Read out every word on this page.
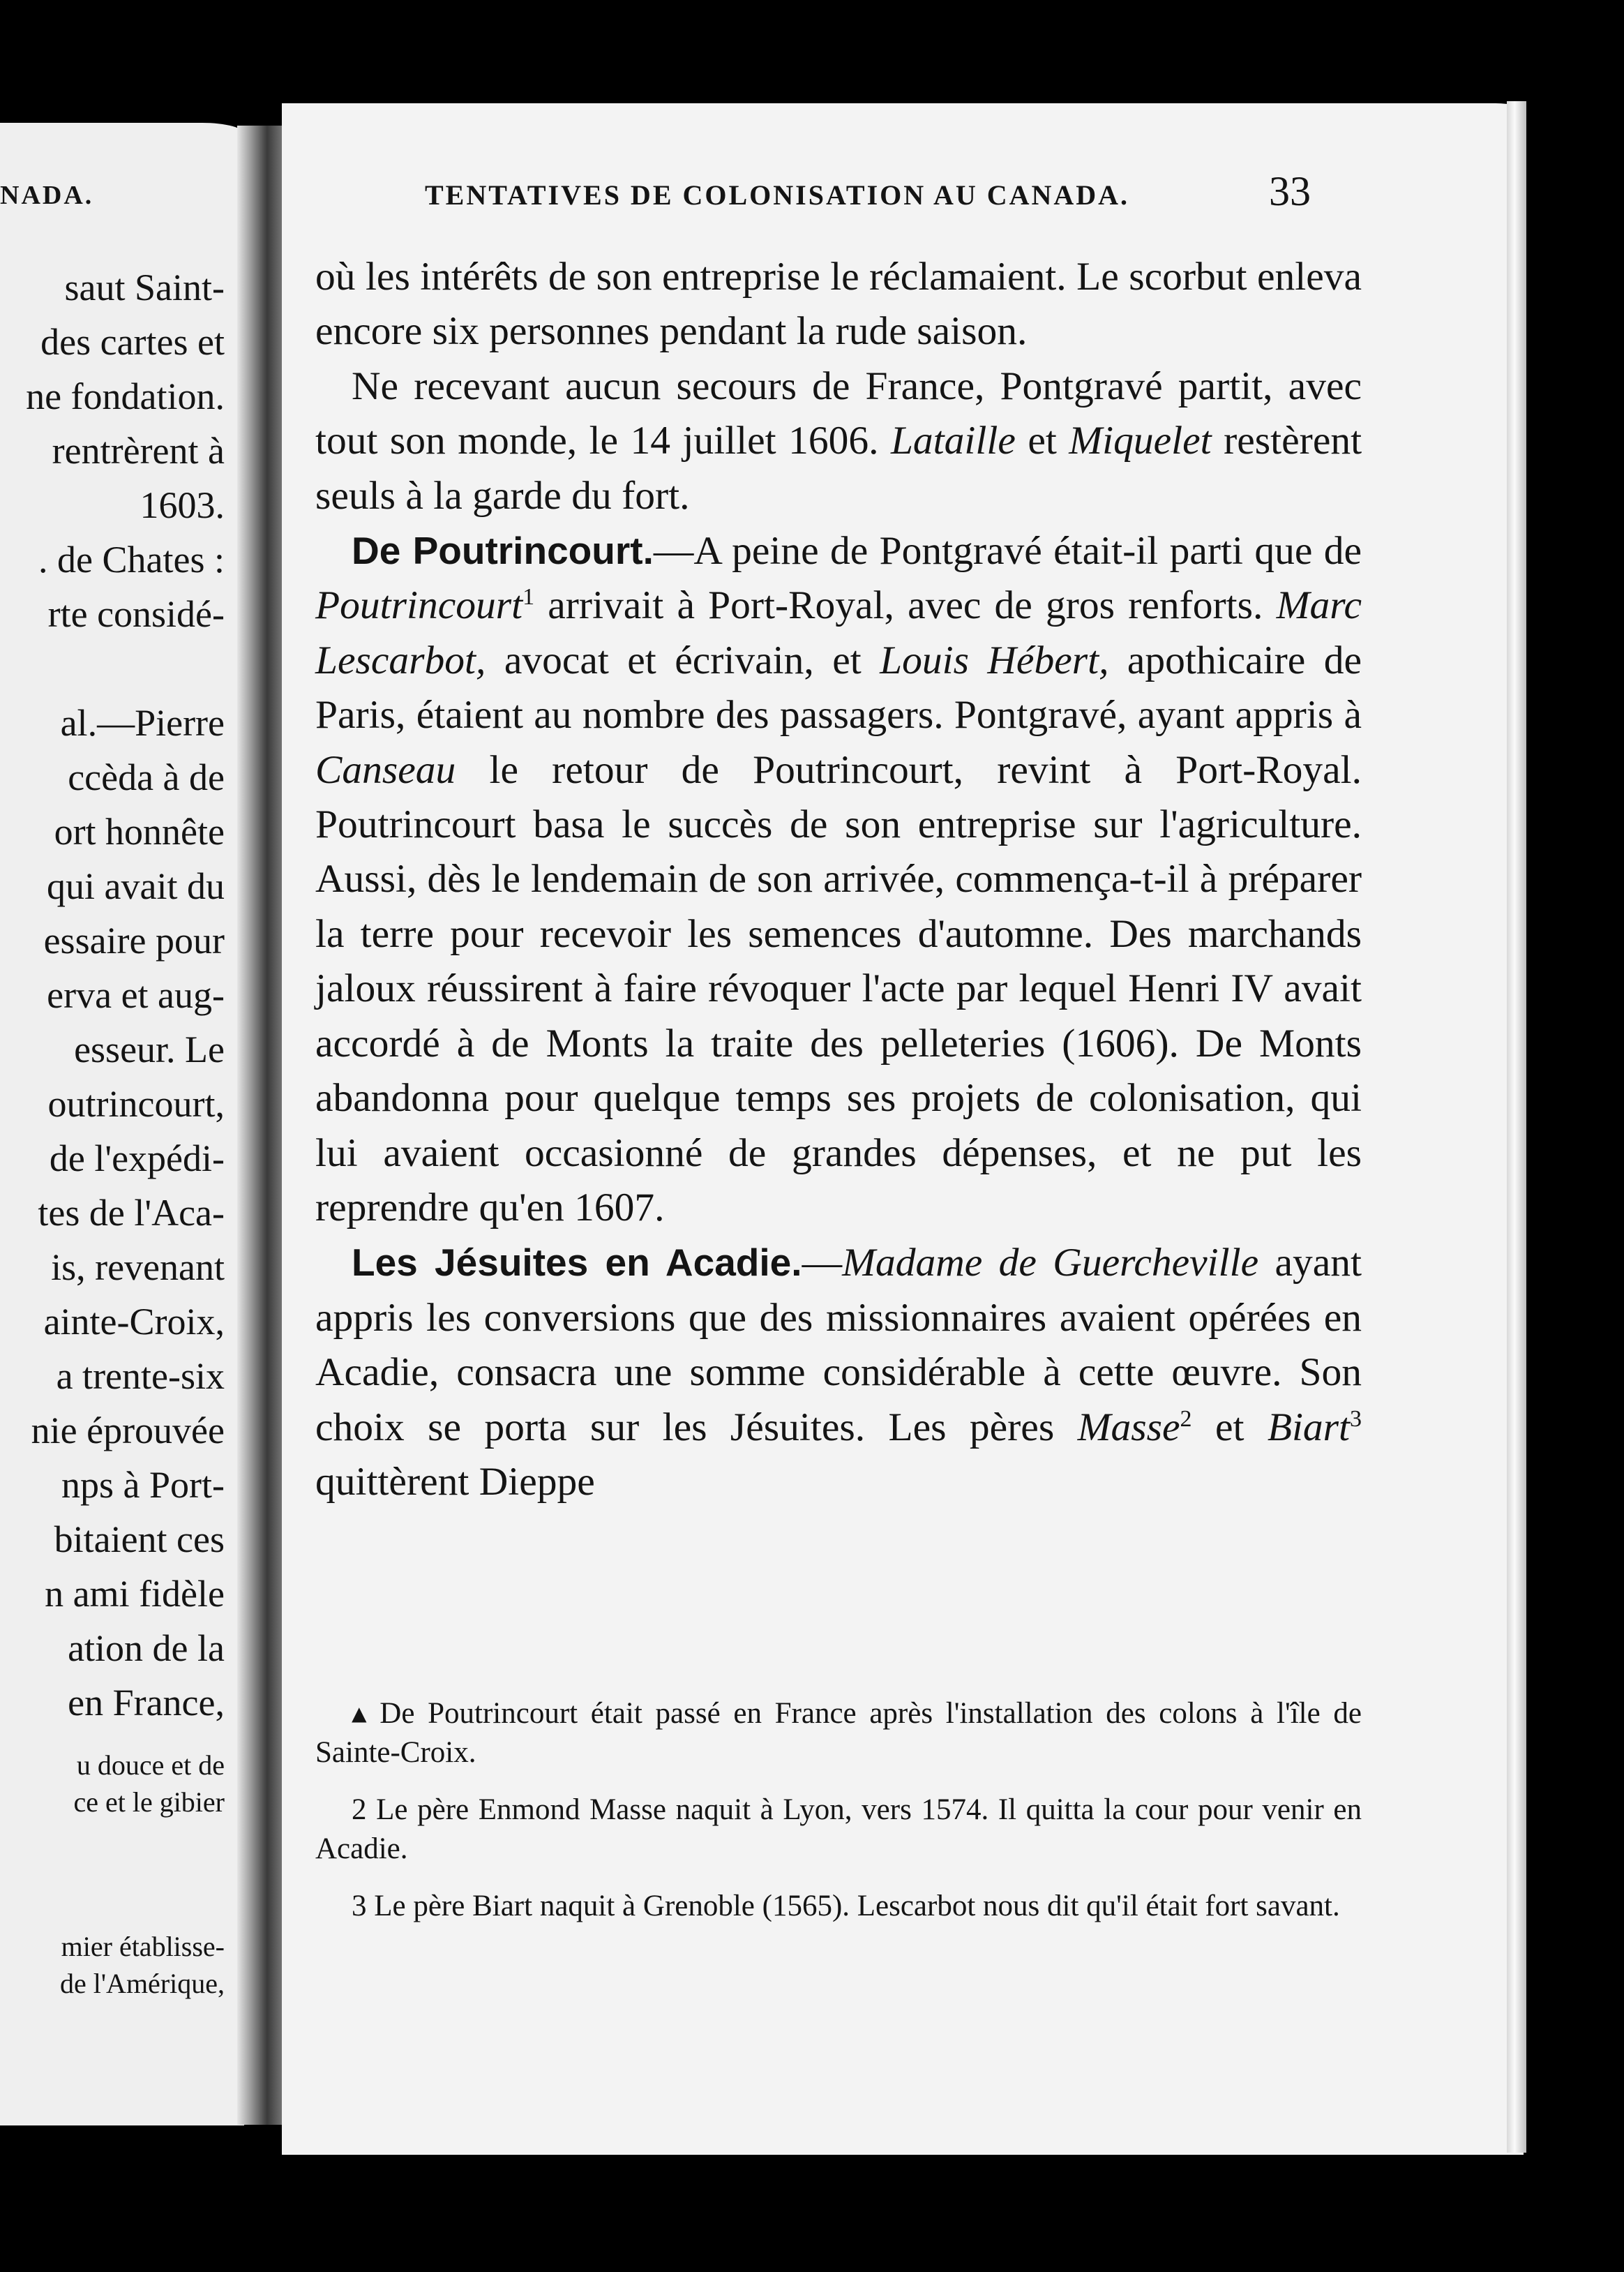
NADA.
saut Saint-
des cartes et
ne fondation.
rentrèrent à
1603.
. de Chates :
rte considé-
al.—Pierre
ccèda à de
ort honnête
qui avait du
essaire pour
erva et aug-
esseur. Le
outrincourt,
de l'expédi-
tes de l'Aca-
is, revenant
ainte-Croix,
a trente-six
nie éprouvée
nps à Port-
bitaient ces
n ami fidèle
ation de la
en France,
u douce et de
ce et le gibier
mier établisse-
de l'Amérique,
TENTATIVES DE COLONISATION AU CANADA.	33

où les intérêts de son entreprise le réclamaient. Le scorbut enleva encore six personnes pendant la rude saison.

Ne recevant aucun secours de France, Pontgravé partit, avec tout son monde, le 14 juillet 1606. Lataille et Miquelet restèrent seuls à la garde du fort.

De Poutrincourt.—A peine de Pontgravé était-il parti que de Poutrincourt$^1$ arrivait à Port-Royal, avec de gros renforts. Marc Lescarbot, avocat et écrivain, et Louis Hébert, apothicaire de Paris, étaient au nombre des passagers. Pontgravé, ayant appris à Canseau le retour de Poutrincourt, revint à Port-Royal. Poutrincourt basa le succès de son entreprise sur l'agriculture. Aussi, dès le lendemain de son arrivée, commença-t-il à préparer la terre pour recevoir les semences d'automne. Des marchands jaloux réussirent à faire révoquer l'acte par lequel Henri IV avait accordé à de Monts la traite des pelleteries (1606). De Monts abandonna pour quelque temps ses projets de colonisation, qui lui avaient occasionné de grandes dépenses, et ne put les reprendre qu'en 1607.

Les Jésuites en Acadie.—Madame de Guercheville ayant appris les conversions que des missionnaires avaient opérées en Acadie, consacra une somme considérable à cette œuvre. Son choix se porta sur les Jésuites. Les pères Masse$^2$ et Biart$^3$ quittèrent Dieppe

▴ De Poutrincourt était passé en France après l'installation des colons à l'île de Sainte-Croix.

2 Le père Enmond Masse naquit à Lyon, vers 1574. Il quitta la cour pour venir en Acadie.

3 Le père Biart naquit à Grenoble (1565). Lescarbot nous dit qu'il était fort savant.
